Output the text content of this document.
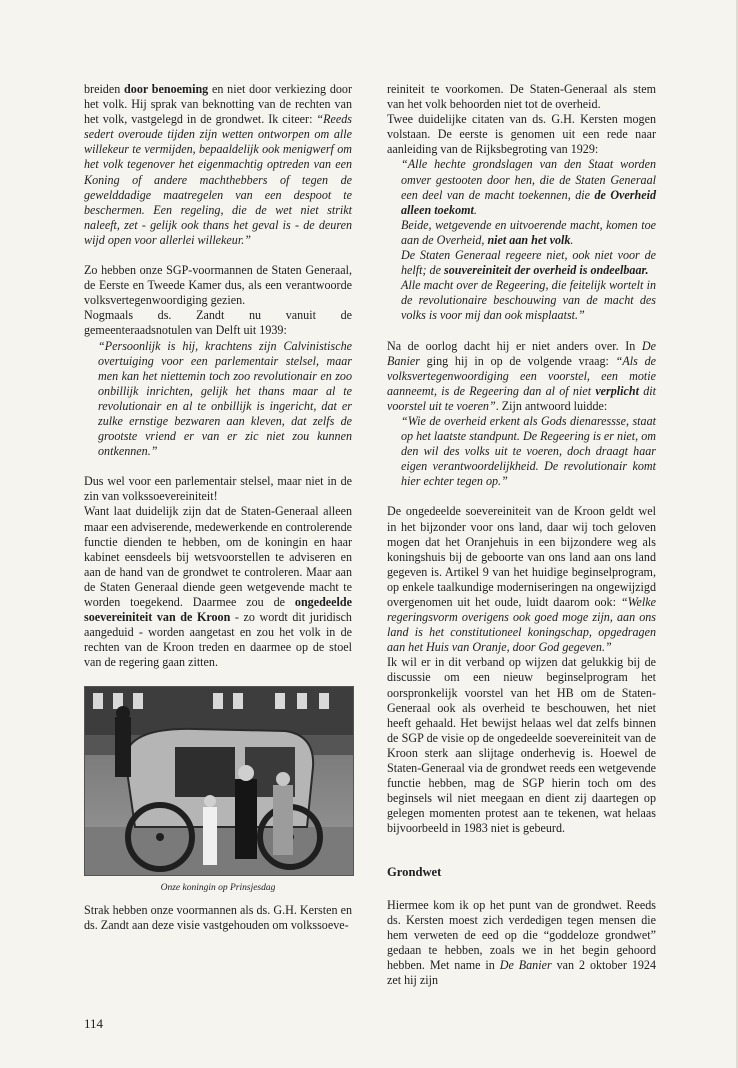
breiden door benoeming en niet door verkiezing door het volk. Hij sprak van beknotting van de rechten van het volk, vastgelegd in de grondwet. Ik citeer: “Reeds sedert overoude tijden zijn wetten ontworpen om alle willekeur te vermijden, bepaaldelijk ook menigwerf om het volk tegenover het eigenmachtig optreden van een Koning of andere machthebbers of tegen de gewelddadige maatregelen van een despoot te beschermen. Een regeling, die de wet niet strikt naleeft, zet - gelijk ook thans het geval is - de deuren wijd open voor allerlei willekeur.”

Zo hebben onze SGP-voormannen de Staten Generaal, de Eerste en Tweede Kamer dus, als een verantwoorde volksvertegenwoordiging gezien.

Nogmaals ds. Zandt nu vanuit de gemeenteraadsnotulen van Delft uit 1939:

“Persoonlijk is hij, krachtens zijn Calvinistische overtuiging voor een parlementair stelsel, maar men kan het niettemin toch zoo revolutionair en zoo onbillijk inrichten, gelijk het thans maar al te revolutionair en al te onbillijk is ingericht, dat er zulke ernstige bezwaren aan kleven, dat zelfs de grootste vriend er van er zic niet zou kunnen ontkennen.”

Dus wel voor een parlementair stelsel, maar niet in de zin van volkssoevereiniteit!

Want laat duidelijk zijn dat de Staten-Generaal alleen maar een adviserende, medewerkende en controlerende functie dienden te hebben, om de koningin en haar kabinet eensdeels bij wetsvoorstellen te adviseren en aan de hand van de grondwet te controleren. Maar aan de Staten Generaal diende geen wetgevende macht te worden toegekend. Daarmee zou de ongedeelde soevereiniteit van de Kroon - zo wordt dit juridisch aangeduid - worden aangetast en zou het volk in de rechten van de Kroon treden en daarmee op de stoel van de regering gaan zitten.

Onze koningin op Prinsjesdag

Strak hebben onze voormannen als ds. G.H. Kersten en ds. Zandt aan deze visie vastgehouden om volkssoeve-

reiniteit te voorkomen. De Staten-Generaal als stem van het volk behoorden niet tot de overheid.

Twee duidelijke citaten van ds. G.H. Kersten mogen volstaan. De eerste is genomen uit een rede naar aanleiding van de Rijksbegroting van 1929:

“Alle hechte grondslagen van den Staat worden omver gestooten door hen, die de Staten Generaal een deel van de macht toekennen, die de Overheid alleen toekomt.

Beide, wetgevende en uitvoerende macht, komen toe aan de Overheid, niet aan het volk.

De Staten Generaal regeere niet, ook niet voor de helft; de souvereiniteit der overheid is ondeelbaar.

Alle macht over de Regeering, die feitelijk wortelt in de revolutionaire beschouwing van de macht des volks is voor mij dan ook misplaatst.”

Na de oorlog dacht hij er niet anders over. In De Banier ging hij in op de volgende vraag: “Als de volksvertegenwoordiging een voorstel, een motie aanneemt, is de Regeering dan al of niet verplicht dit voorstel uit te voeren”. Zijn antwoord luidde:

“Wie de overheid erkent als Gods dienaressse, staat op het laatste standpunt. De Regeering is er niet, om den wil des volks uit te voeren, doch draagt haar eigen verantwoordelijkheid. De revolutionair komt hier echter tegen op.”

De ongedeelde soevereiniteit van de Kroon geldt wel in het bijzonder voor ons land, daar wij toch geloven mogen dat het Oranjehuis in een bijzondere weg als koningshuis bij de geboorte van ons land aan ons land gegeven is. Artikel 9 van het huidige beginselprogram, op enkele taalkundige moderniseringen na ongewijzigd overgenomen uit het oude, luidt daarom ook: “Welke regeringsvorm overigens ook goed moge zijn, aan ons land is het constitutioneel koningschap, opgedragen aan het Huis van Oranje, door God gegeven.”

Ik wil er in dit verband op wijzen dat gelukkig bij de discussie om een nieuw beginselprogram het oorspronkelijk voorstel van het HB om de Staten-Generaal ook als overheid te beschouwen, het niet heeft gehaald. Het bewijst helaas wel dat zelfs binnen de SGP de visie op de ongedeelde soevereiniteit van de Kroon sterk aan slijtage onderhevig is. Hoewel de Staten-Generaal via de grondwet reeds een wetgevende functie hebben, mag de SGP hierin toch om des beginsels wil niet meegaan en dient zij daartegen op gelegen momenten protest aan te tekenen, wat helaas bijvoorbeeld in 1983 niet is gebeurd.

Grondwet

Hiermee kom ik op het punt van de grondwet. Reeds ds. Kersten moest zich verdedigen tegen mensen die hem verweten de eed op die “goddeloze grondwet” gedaan te hebben, zoals we in het begin gehoord hebben. Met name in De Banier van 2 oktober 1924 zet hij zijn

114
